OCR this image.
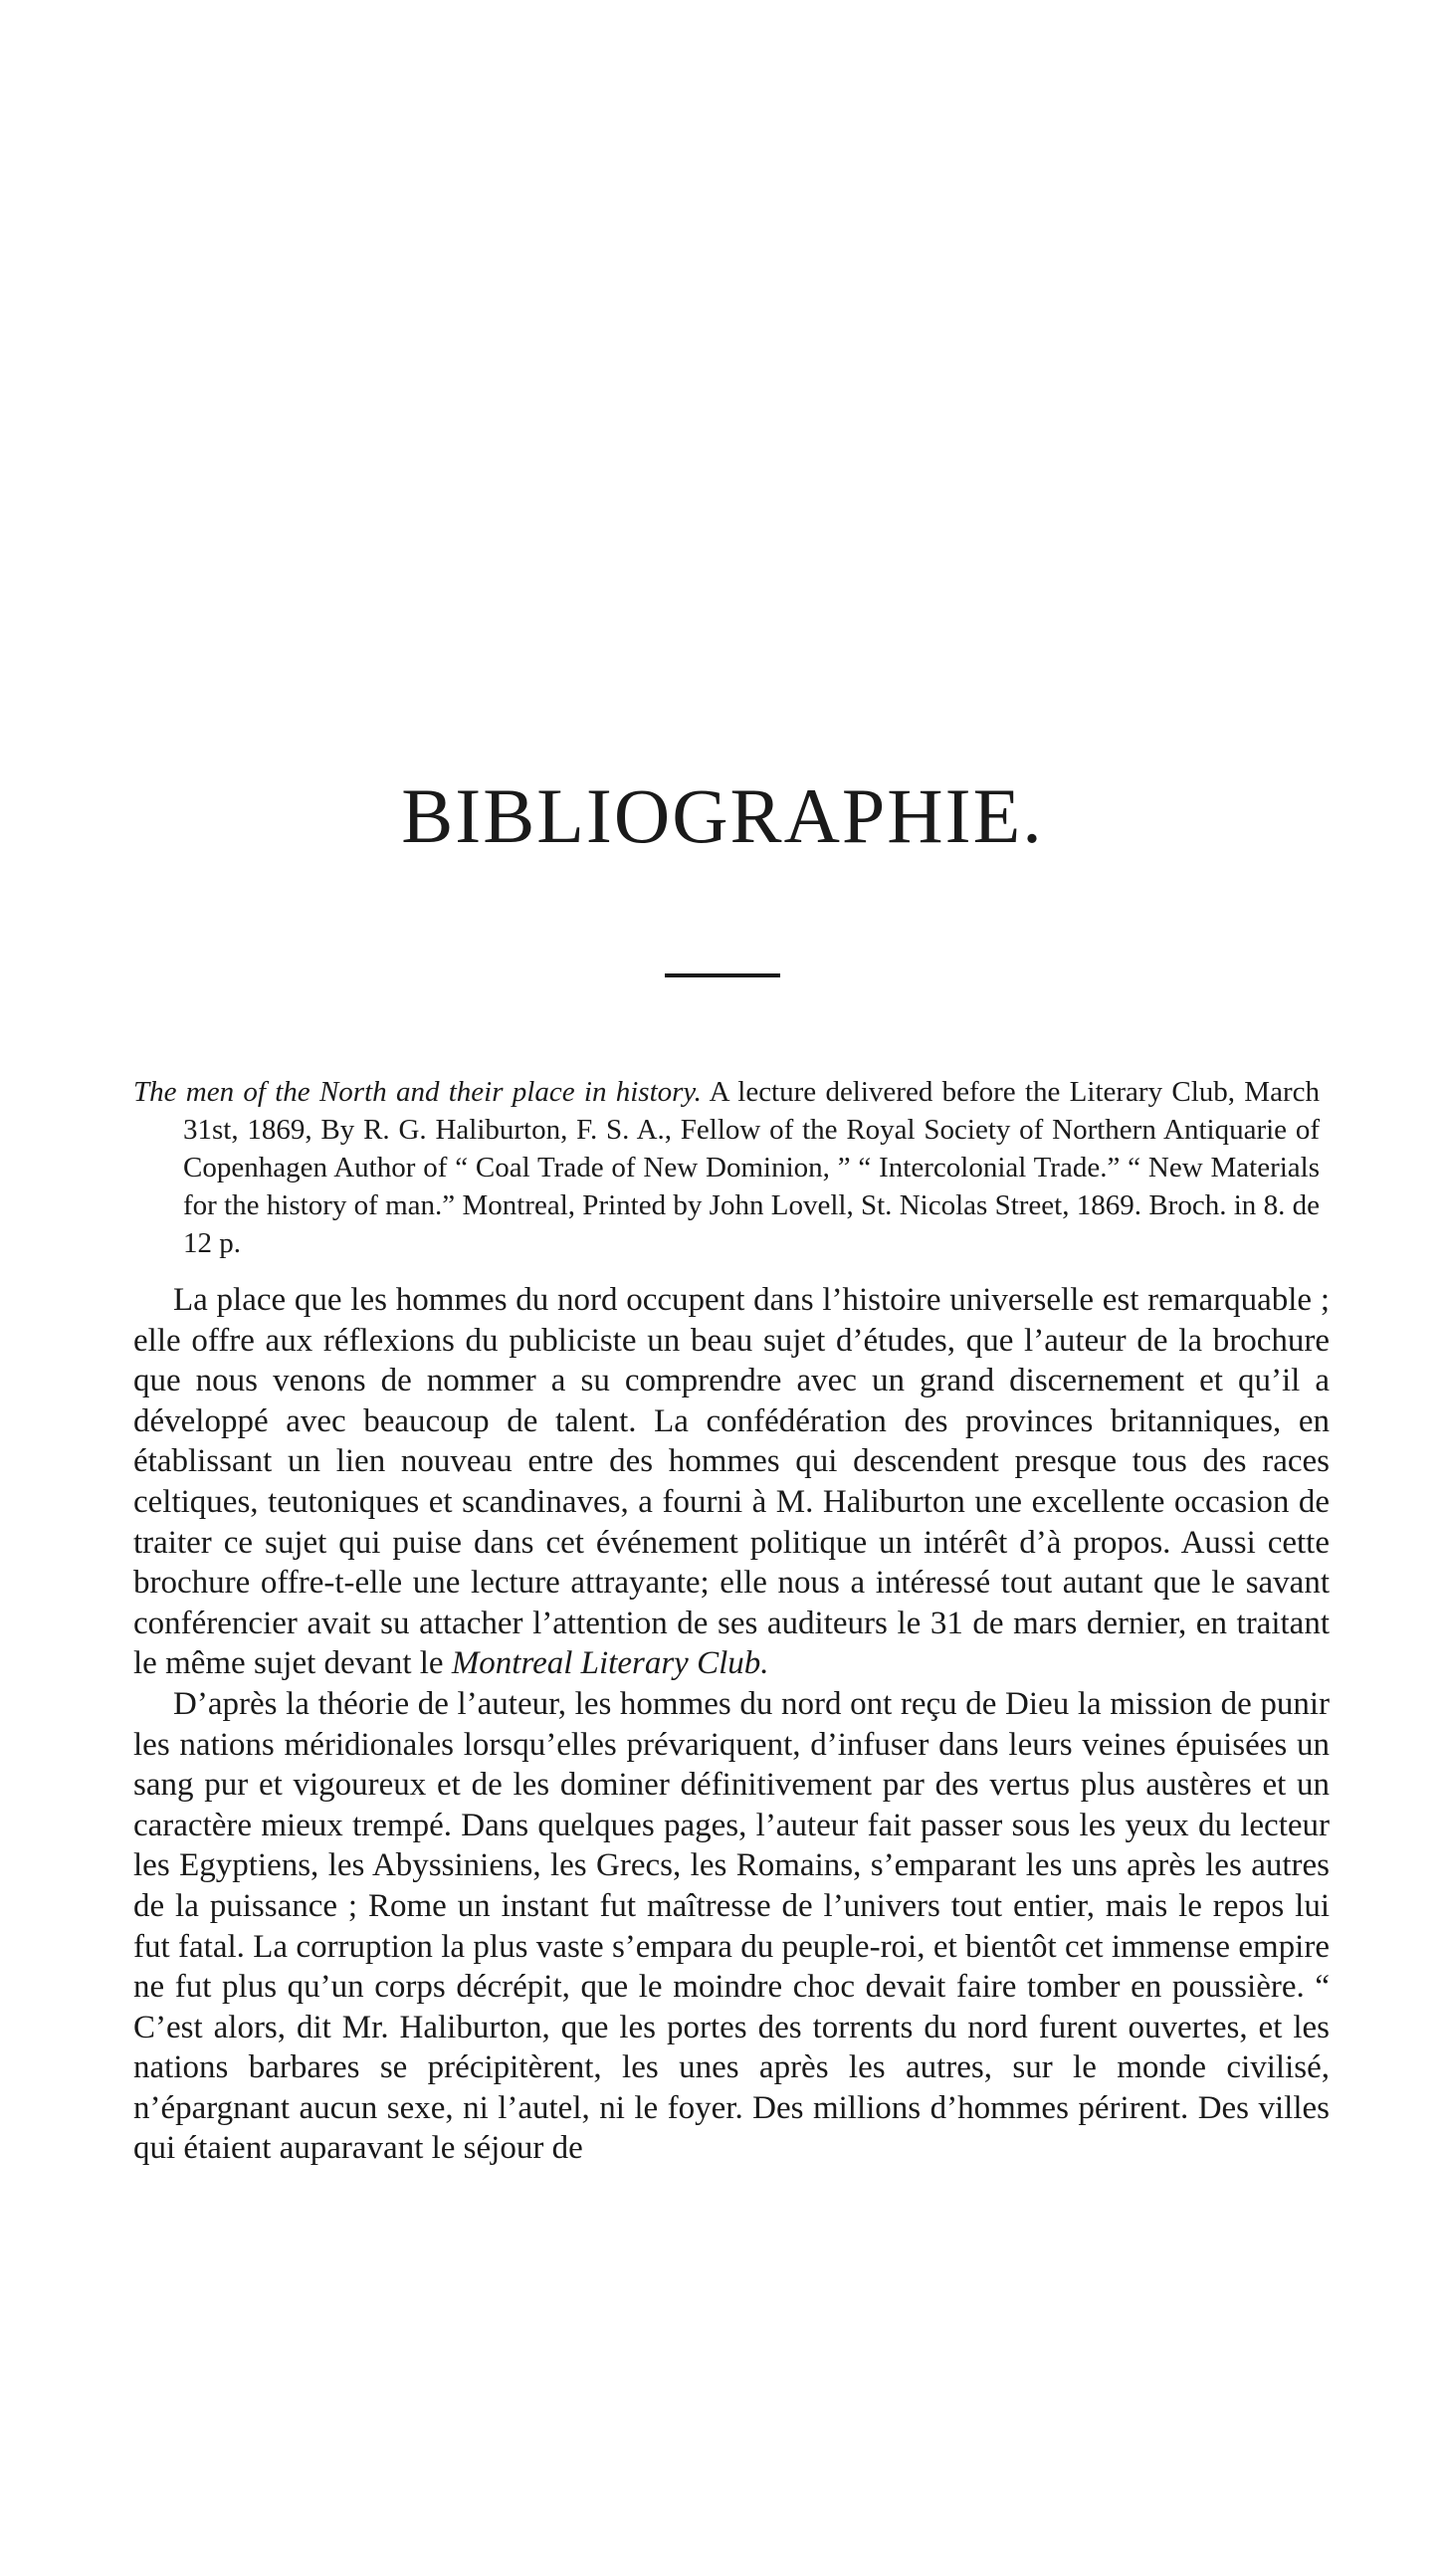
BIBLIOGRAPHIE.
The men of the North and their place in history. A lecture delivered before the Literary Club, March 31st, 1869, By R. G. Haliburton, F. S. A., Fellow of the Royal Society of Northern Antiquarie of Copenhagen Author of “ Coal Trade of New Dominion, ” “ Intercolonial Trade.” “ New Materials for the history of man.” Montreal, Printed by John Lovell, St. Nicolas Street, 1869. Broch. in 8. de 12 p.

La place que les hommes du nord occupent dans l’histoire universelle est remarquable ; elle offre aux réflexions du publiciste un beau sujet d’études, que l’auteur de la brochure que nous venons de nommer a su comprendre avec un grand discernement et qu’il a développé avec beaucoup de talent. La confédération des provinces britanniques, en établissant un lien nouveau entre des hommes qui descendent presque tous des races celtiques, teutoniques et scandinaves, a fourni à M. Haliburton une excellente occasion de traiter ce sujet qui puise dans cet événement politique un intérêt d’à propos. Aussi cette brochure offre-t-elle une lecture attrayante; elle nous a intéressé tout autant que le savant conférencier avait su attacher l’attention de ses auditeurs le 31 de mars dernier, en traitant le même sujet devant le Montreal Literary Club.

D’après la théorie de l’auteur, les hommes du nord ont reçu de Dieu la mission de punir les nations méridionales lorsqu’elles prévariquent, d’infuser dans leurs veines épuisées un sang pur et vigoureux et de les dominer définitivement par des vertus plus austères et un caractère mieux trempé. Dans quelques pages, l’auteur fait passer sous les yeux du lecteur les Egyptiens, les Abyssiniens, les Grecs, les Romains, s’emparant les uns après les autres de la puissance ; Rome un instant fut maîtresse de l’univers tout entier, mais le repos lui fut fatal. La corruption la plus vaste s’empara du peuple-roi, et bientôt cet immense empire ne fut plus qu’un corps décrépit, que le moindre choc devait faire tomber en poussière. “ C’est alors, dit Mr. Haliburton, que les portes des torrents du nord furent ouvertes, et les nations barbares se précipitèrent, les unes après les autres, sur le monde civilisé, n’épargnant aucun sexe, ni l’autel, ni le foyer. Des millions d’hommes périrent. Des villes qui étaient auparavant le séjour de
